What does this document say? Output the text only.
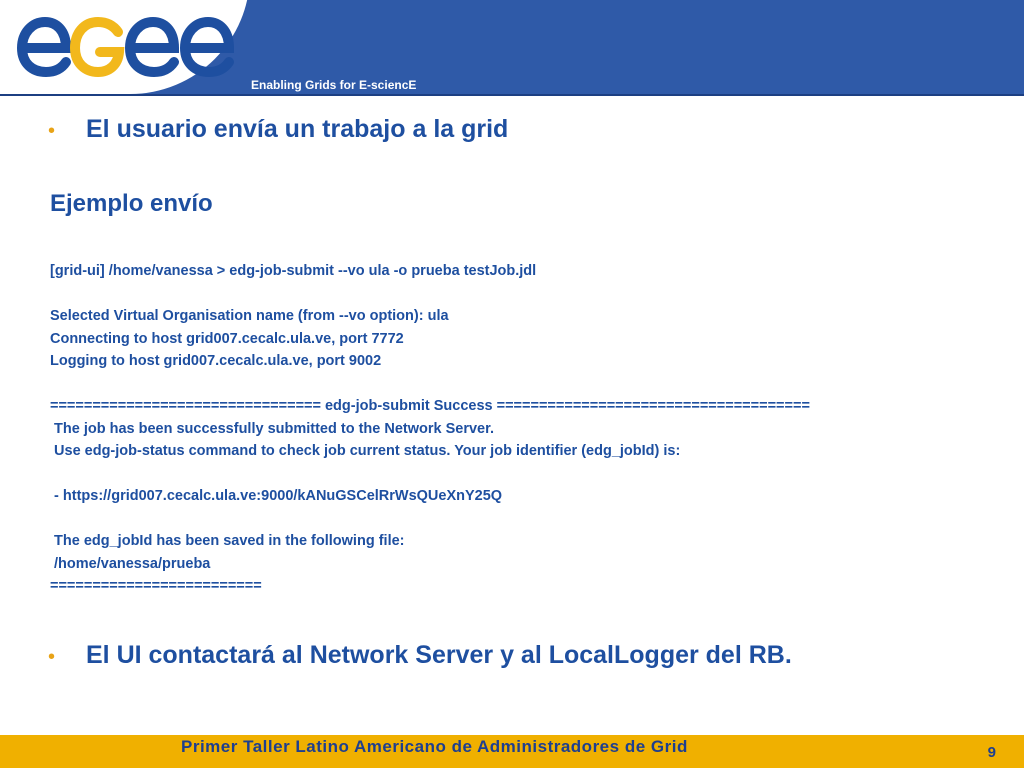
Enabling Grids for E-sciencE
•	El usuario envía un trabajo a la grid
Ejemplo envío
[grid-ui] /home/vanessa > edg-job-submit --vo ula -o prueba testJob.jdl
Selected Virtual Organisation name (from --vo option): ula
Connecting to host grid007.cecalc.ula.ve, port 7772
Logging to host grid007.cecalc.ula.ve, port 9002
================================ edg-job-submit Success =====================================
The job has been successfully submitted to the Network Server.
Use edg-job-status command to check job current status. Your job identifier (edg_jobId) is:
- https://grid007.cecalc.ula.ve:9000/kANuGSCelRrWsQUeXnY25Q
The edg_jobId has been saved in the following file:
/home/vanessa/prueba
=========================
•	El UI contactará al Network Server y al LocalLogger del RB.
Primer Taller Latino Americano de Administradores de Grid	9
